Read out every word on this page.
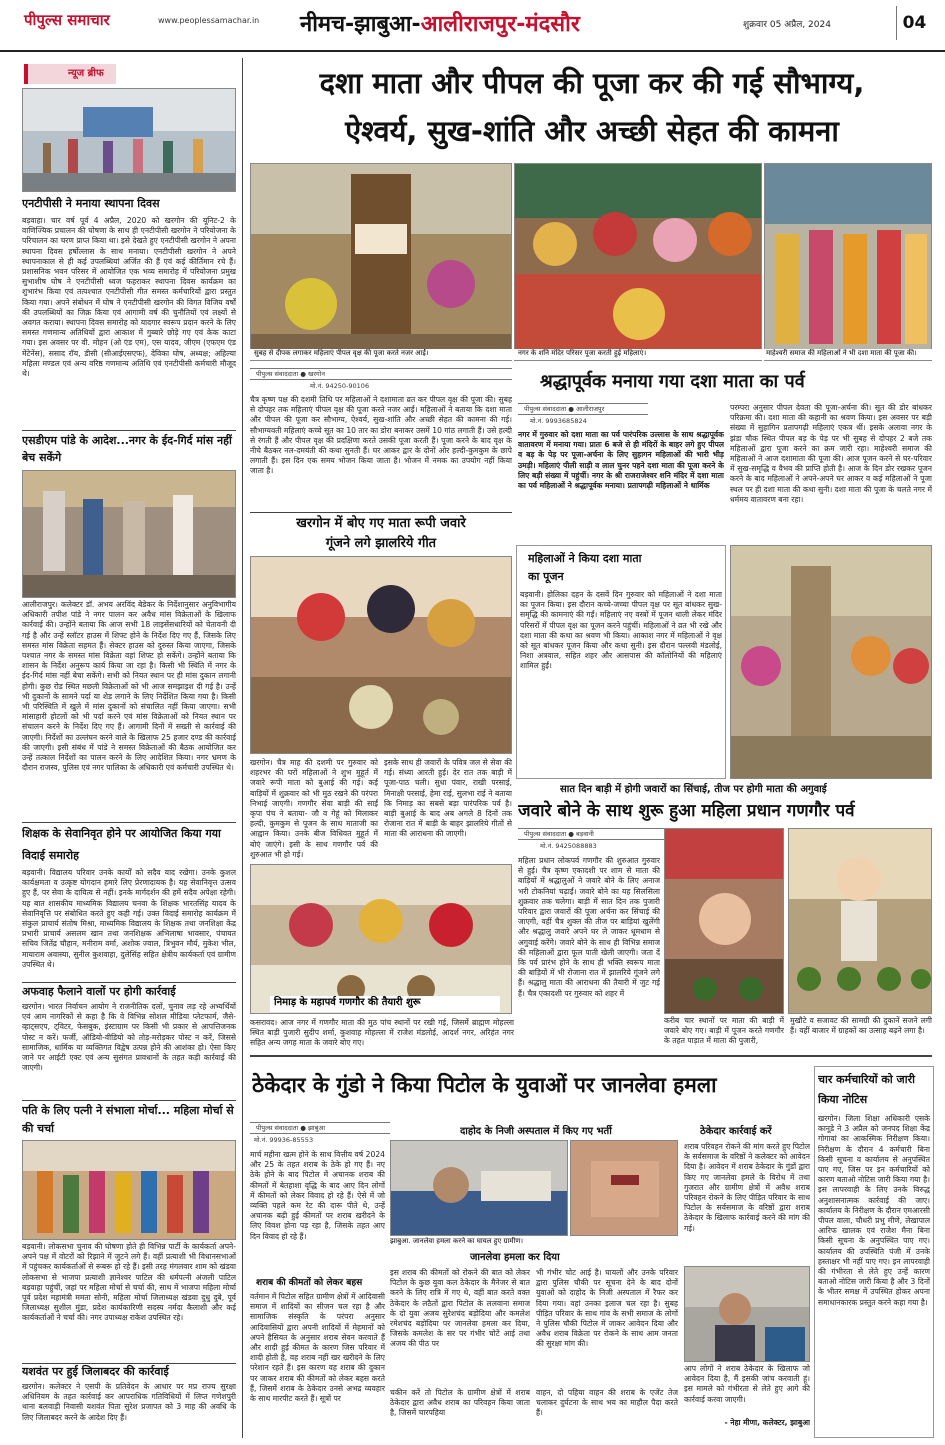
पीपुल्स समाचार	www.peoplessamachar.in नीमच-झाबुआ-आलीराजपुर-मंदसौर	शुक्रवार 05 अप्रैल, 2024	04
न्यूज ब्रीफ
एनटीपीसी ने मनाया स्थापना दिवस
बड़वाहा। चार वर्ष पूर्व 4 अप्रैल, 2020 को खरगोन की यूनिट-2 के वाणिज्यिक प्रचालन की घोषणा के साथ ही एनटीपीसी खरगोन ने परियोजना के परिचालन का चरण प्राप्त किया था। इसे देखते हुए एनटीपीसी खरगोन ने अपना स्थापना दिवस हर्षोल्लास के साथ मनाया। एनटीपीसी खरगोन ने अपने स्थापनाकाल से ही कई उपलब्धियां अर्जित की हैं एवं कई कीर्तिमान रचे हैं। प्रशासनिक भवन परिसर में आयोजित एक भव्य समारोह में परियोजना प्रमुख सुभाशीष घोष ने एनटीपीसी ध्वज फहराकर स्थापना दिवस कार्यक्रम का शुभारंभ किया एवं तत्पश्चात एनटीपीसी गीत समस्त कर्मचारियों द्वारा प्रस्तुत किया गया। अपने संबोधन में घोष ने एनटीपीसी खरगोन की विगत विजिय वर्षों की उपलब्धियों का जिक्र किया एवं आगामी वर्ष की चुनौतियों एवं लक्ष्यों से अवगत कराया। स्थापना दिवस समारोह को यादगार स्वरूप प्रदान करने के लिए समस्त गणमान्य अतिथियों द्वारा आकाश में गुब्बारे छोड़े गए एवं केक काटा गया। इस अवसर पर वी. मोहन (ओ एंड एम), एस यादव, जीएम (एफएम एंड मेंटेनेंस), ससाद रॉय, डीसी (सीआईएसएफ), देविका घोष, अध्यक्ष; अहिल्या महिला मण्डल एवं अन्य वरिष्ठ गणमान्य अतिथि एवं एनटीपीसी कर्मचारी मौजूद थे।
एसडीएम पांडे के आदेश...नगर के ईद-गिर्द मांस नहीं बेच सकेंगे
आलीराजपुर। कलेक्टर डॉ. अभय अरविंद बेडेकर के निर्देशानुसार अनुविभागीय अधिकारी तपीश पांडे ने नगर पालन कर अवैध मांस विक्रेताओं के खिलाफ कार्रवाई की। उन्होंने बताया कि आज सभी 18 लाइसेंसधारियों को चेतावनी दी गई है और उन्हें स्लॉटर हाउस में शिफ्ट होने के निर्देश दिए गए हैं, जिसके लिए समस्त मांस विक्रेता सहमत हैं। सेक्टर हाउस को दुरुस्त किया जाएगा, जिसके पश्चात नगर के समस्त मांस विक्रेता वहां शिफ्ट हो सकेंगे। उन्होंने बताया कि शासन के निर्देश अनुरूप कार्य किया जा रहा है। किसी भी स्थिति में नगर के ईद-गिर्द मांस नहीं बेचा सकेंगे। सभी को नियत स्थान पर ही मांस दुकान लगानी होगी। कुछ रोड स्थित मछली विक्रेताओं को भी आज समझाइश दी गई है। उन्हें भी दुकानों के सामने पर्दा या शेड लगाने के लिए निर्देशित किया गया है। किसी भी परिस्थिति में खुले में मांस दुकानों को संचालित नहीं किया जाएगा। सभी मांसाहारी होटलों को भी पर्दा करने एवं मांस विक्रेताओं को नियत स्थान पर संचालन करने के निर्देश दिए गए हैं। आगामी दिनों में सख्ती से कार्रवाई की जाएगी। निर्देशों का उल्लंघन करने वाले के खिलाफ 25 हजार दण्ड की कार्रवाई की जाएगी। इसी संबंध में पांडे ने समस्त विक्रेताओं की बैठक आयोजित कर उन्हें तत्काल निर्देशों का पालन करने के लिए आदेशित किया। नगर भ्रमण के दौरान राजस्व, पुलिस एवं नगर पालिका के अधिकारी एवं कर्मचारी उपस्थित थे।
शिक्षक के सेवानिवृत होने पर आयोजित किया गया विदाई समारोह
बड़वानी। विद्यालय परिवार उनके कार्यों को सदैव याद रखेगा। उनके कुशल कार्यक्षमता व उत्कृष्ट योगदान हमारे लिए प्रेरणादायक है। यह सेवानिवृत्त उत्सव हुए हैं, पर सेवा के दायित्व से नहीं। इनके मार्गदर्शन की हमें सदैव अपेक्षा रहेगी। यह बात शासकीय माध्यमिक विद्यालय चनवा के शिक्षक भारतसिंह यादव के सेवानिवृत्ति पर संबोधित करते हुए कही गई। उक्त विदाई समारोह कार्यक्रम में संकुल प्राचार्य संतोष मिश्रा, माध्यमिक विद्यालय के शिक्षक तथा जनशिक्षा केंद्र प्रभारी प्राचार्य असलम खान तथा जनशिक्षक अभिलाषा भावसार, पंचायत सचिव जितेंद्र चौहान, मनीराम वर्मा, अशोक ज्वाल, त्रिभुवन मौर्य, मुकेश भील, मायाराम अवास्या, सुनील कुशवाहा, दुलेसिंह सहित क्षेत्रीय कार्यकर्ता एवं ग्रामीण उपस्थित थे।
अफवाह फैलाने वालों पर होगी कार्रवाई
खरगोन। भारत निर्वाचन आयोग ने राजनीतिक दलों, चुनाव लड़ रहे अभ्यर्थियों एवं आम नागरिकों से कहा है कि वे विभिन्न सोशल मीडिया प्लेटफार्म, जैसे- व्हाट्सएप, ट्विटर, फेसबुक, इंस्टाग्राम पर किसी भी प्रकार से आपत्तिजनक पोस्ट न करें। फर्जी, ऑडियो-वीडियो को तोड़-मरोड़कर पोस्ट न करें, जिससे सामाजिक, धार्मिक या व्यक्तिगत विद्वेष उत्पन्न होने की आशंका हो। ऐसा किए जाने पर आईटी एक्ट एवं अन्य सुसंगत प्रावधानों के तहत कड़ी कार्रवाई की जाएगी।
पति के लिए पत्नी ने संभाला मोर्चा... महिला मोर्चा से की चर्चा
बड़वानी। लोकसभा चुनाव की घोषणा होते ही विभिन्न पार्टी के कार्यकर्ता अपने-अपने पक्ष में वोटरों को रिझाने में जुटने लगे हैं। वहीं प्रत्याशी भी विधानसभाओं में पहुंचकर कार्यकर्ताओं से रूबरू हो रहे हैं। इसी तरह मंगलवार शाम को खंडवा लोकसभा से भाजपा प्रत्याशी ज्ञानेश्वर पाटिल की धर्मपत्नी अंजली पाटिल बड़वाहा पहुंचीं, जहां पर महिला मोर्चा से चर्चा की, साथ में भाजपा महिला मोर्चा पूर्व प्रदेश महामंत्री ममता सोनी, महिला मोर्चा जिलाध्यक्ष खंडवा दुधु दुबे, पूर्व जिलाध्यक्ष सुशील मुंडा, प्रदेश कार्यकारिणी सदस्य नर्मदा कैलाशी और कई कार्यकर्ताओं ने चर्चा की। नगर उपाध्यक्ष राकेश उपस्थित रहे।
यशवंत पर हुई जिलाबदर की कार्रवाई
खरगोन। कलेक्टर ने एसपी के प्रतिवेदन के आधार पर मप्र राज्य सुरक्षा अधिनियम के तहत कार्रवाई कर आपराधिक गतिविधियों में लिप्त गणेशपुरी थाना बलवाड़ी निवासी यशवंत पिता सुरेश प्रजापत को 3 माह की अवधि के लिए जिलाबदर करने के आदेश दिए हैं।
दशा माता और पीपल की पूजा कर की गई सौभाग्य,
ऐश्वर्य, सुख-शांति और अच्छी सेहत की कामना
सुबह से दीपक लगाकर महिलाएं पीपल वृक्ष की पूजा करते नजर आईं।	नगर के शनि मंदिर परिसर पूजा करती हुई महिलाएं।	माहेश्वरी समाज की महिलाओं ने भी दशा माता की पूजा की।
पीपुल्स संवाददाता ● खरगोन
मो.नं. 94250-90106
चैत्र कृष्ण पक्ष की दशमी तिथि पर महिलाओं ने दशामाता व्रत कर पीपल वृक्ष की पूजा की। सुबह से दोपहर तक महिलाएं पीपल वृक्ष की पूजा करते नजर आईं। महिलाओं ने बताया कि दशा माता और पीपल की पूजा कर सौभाग्य, ऐश्वर्य, सुख-शांति और अच्छी सेहत की कामना की गई। सौभाग्यवती महिलाएं कच्चे सूत का 10 तार का डोरा बनाकर उसमें 10 गांठ लगाती हैं। उसे हल्दी से रंगती हैं और पीपल वृक्ष की प्रदक्षिणा करते उसकी पूजा करती हैं। पूजा करने के बाद वृक्ष के नीचे बैठकर नल-दमयंती की कथा सुनती हैं। घर आकर द्वार के दोनों ओर हल्दी-कुमकुम के छापे लगाती हैं। इस दिन एक समय भोजन किया जाता है। भोजन में नमक का उपयोग नहीं किया जाता है।
श्रद्धापूर्वक मनाया गया दशा माता का पर्व
पीपुल्स संवाददाता ● आलीराजपुर
मो.नं. 9993685824
नगर में गुरुवार को दशा माता का पर्व पारंपरिक उल्लास के साथ श्रद्धापूर्वक वातावरण में मनाया गया। प्रातः 6 बजे से ही मंदिरों के बाहर लगे हुए पीपल व बड़ के पेड़ पर पूजा-अर्चना के लिए सुहागन महिलाओं की भारी भीड़ उमड़ी। महिलाएं पीली साड़ी व लाल चुनर पहने दशा माता की पूजा करने के लिए बड़ी संख्या में पहुंचीं। नगर के श्री राजराजेश्वर शनि मंदिर में दशा माता का पर्व महिलाओं ने श्रद्धापूर्वक मनाया। प्रतापगढ़ी महिलाओं ने धार्मिक
परम्परा अनुसार पीपल देवता की पूजा-अर्चना की। सूत की डोर बांधकर परिक्रमा की। दशा माता की कहानी का श्रवण किया। इस अवसर पर बड़ी संख्या में सुहागिन प्रतापगढ़ी महिलाएं एकत्र थीं। इसके अलावा नगर के झंडा चौक स्थित पीपल बड़ के पेड़ पर भी सुबह से दोपहर 2 बजे तक महिलाओं द्वारा पूजा करने का क्रम जारी रहा। माहेश्वरी समाज की महिलाओं ने आज दशामाता की पूजा की। आज पूजन करने से घर-परिवार में सुख-समृद्धि व वैभव की प्राप्ति होती है। आज के दिन डोर रखकर पूजन करने के बाद महिलाओं ने अपने-अपने घर आकर व कई महिलाओं ने पूजा स्थल पर ही दशा माता की कथा सुनी। दशा माता की पूजा के चलते नगर में धर्ममय वातावरण बना रहा।
खरगोन में बोए गए माता रूपी जवारे
गूंजने लगे झालरिये गीत
खरगोन। चैत्र माह की दशमी पर गुरुवार को शहरभर की घरों महिलाओं ने शुभ मुहूर्त में जवारे रूपी माता को बुआई की गई। कई बाड़ियों में शुक्रवार को भी मुठ रखने की परंपरा निभाई जाएगी। गणगौर सेवा बाड़ी की साईं कृपा पंच ने बताया- जौ व गेहूं को मिलाकर हल्दी, कुमकुम से पूजन के साथ माताजी का आह्वान किया। उनके बीज विधिवत मुहूर्त में बोएं जाएंगे। इसी के साथ गणगौर पर्व की शुरुआत भी हो गई।
इसके साथ ही जवारों के पवित्र जल से सेवा की गई। संध्या आरती हुई। देर रात तक बाड़ी में पूजा-पाठ चली। सुधा पंवार, राखी परसाई, मिनाक्षी परसाई, हेमा राई, सुलभा राई ने बताया कि निमाड़ का सबसे बड़ा पारंपरिक पर्व है। बाड़ी बुआई के बाद अब अगले 8 दिनों तक रोजाना रात में बाड़ी के बाहर झालरिये गीतों से माता की आराधना की जाएगी।
निमाड़ के महापर्व गणगौर की तैयारी शुरू
महिलाओं ने किया दशा माता का पूजन
बड़वानी। होलिका दहन के दसवें दिन गुरुवार को महिलाओं ने दशा माता का पूजन किया। इस दौरान कच्चे-जच्चा पीपल वृक्ष पर सूत बांधकर सुख-समृद्धि की कामनाएं की गईं। महिलाएं नए वस्त्रों में पूजन थाली लेकर मंदिर परिसरों में पीपल वृक्ष का पूजन करने पहुंचीं। महिलाओं ने व्रत भी रखे और दशा माता की कथा का श्रवण भी किया। आकाश नगर में महिलाओं ने वृक्ष को सूत बांधकर पूजन किया और कथा सुनी। इस दौरान पल्लवी मंडलोई, निशा अत्रवाल, सहित शहर और आसपास की कॉलोनियों की महिलाएं शामिल हुईं।
सात दिन बाड़ी में होगी जवारों का सिंचाई, तीज पर होगी माता की अगुवाई
जवारे बोने के साथ शुरू हुआ महिला प्रधान गणगौर पर्व
पीपुल्स संवाददाता ● बड़वानी
मो.नं. 9425088883
महिला प्रधान लोकपर्व गणगौर की शुरुआत गुरुवार से हुई। चैत्र कृष्ण एकादशी पर शाम से माता की बाड़ियों में श्रद्धालुओं ने जवारे बोने के लिए अनाज भरी टोकनियां चढ़ाईं। जवारे बोने का यह सिलसिला शुक्रवार तक चलेगा। बाड़ी में सात दिन तक पुजारी परिवार द्वारा जवारों की पूजा अर्चना कर सिंचाई की जाएगी, वहीं चैत्र शुक्ल की तीज पर बाड़ियां खुलेंगी और श्रद्धालु जवारे अपने घर ले जाकर धूमधाम से अगुवाई करेंगे। जवारे बोने के साथ ही विभिन्न समाज की महिलाओं द्वारा फूल पाती खेली जाएगी। जता दें कि पर्व प्रारंभ होने के साथ ही भक्ति स्वरूप माता की बाड़ियों में भी रोजाना रात में झालरिये गूंजने लगे हैं। श्रद्धालु माता की आराधना की तैयारी में जुट गई हैं। चैत्र एकादशी पर गुरुवार को शहर में
करीब चार स्थानों पर माता की बाड़ी में जवारे बोए गए। बाड़ी में पूजन करते गणगौर के तहत पाड़ात में माता की पुजारी,
मुखौटे व सजावट की सामग्री की दुकानें सजने लगी हैं। वहीं बाजार में ग्राहकों का उत्साह बढ़ने लगा है।
कसरावद। आज नगर में गणगौर माता की मुठ पांच स्थानों पर रखी गई, जिसमें ब्राह्मण मोहल्ला स्थित बाड़ी पुजारी सुदीप शर्मा, कुशवाह मोहल्ला में राजेश मंडलोई, आदर्श नगर, अरिहंत नगर सहित अन्य जगह माता के जवारे बोए गए।
ठेकेदार के गुंडो ने किया पिटोल के युवाओं पर जानलेवा हमला
पीपुल्स संवाददाता ● झाबुआ
मो.नं. 99936-85553
मार्च महीना खत्म होने के साथ वित्तीय वर्ष 2024 और 25 के तहत शराब के ठेके हो गए हैं। नए ठेके होने के बाद पिटोल में अचानक शराब की कीमतों में बेतहाशा वृद्धि के बाद आए दिन लोगों में कीमतों को लेकर विवाद हो रहे हैं। ऐसे में जो व्यक्ति पहले कम रेट की दारू पीते थे, उन्हें अचानक बढ़ी हुई कीमतों पर शराब खरीदने के लिए विवश होना पड़ रहा है, जिसके तहत आए दिन विवाद हो रहे हैं।
शराब की कीमतों को लेकर बहस
वर्तमान में पिटोल सहित ग्रामीण क्षेत्रों में आदिवासी समाज में शादियों का सीजन चल रहा है और सामाजिक संस्कृति के परंपरा अनुसार आदिवासियों द्वारा अपनी शादियों में मेहमानों को अपने हैसियत के अनुसार शराब सेवन करवाते हैं और शादी हुई कीमत के कारण जिस परिवार में शादी होती है, वह शराब नहीं खर खरीदने के लिए परेशान रहते हैं। इस कारण वह शराब की दुकान पर जाकर शराब की कीमतों को लेकर बहस करते हैं, जिसमें शराब के ठेकेदार उनसे अभद्र व्यवहार के साथ मारपीट करते हैं। सूत्रों पर
दाहोद के निजी अस्पताल में किए गए भर्ती
झाबुआ. जानलेवा हमला करने का घायल हुए ग्रामीण।
जानलेवा हमला कर दिया
इस शराब की कीमतों को रोकने की बात को लेकर पिटोल के कुछ युवा कल ठेकेदार के मैनेजर से बात करने के लिए रात्रि में गए थे, वहीं बात करते वक्त ठेकेदार के लठैतों द्वारा पिटोल के ललवाना समाज के दो युवा अजय सुरेशचंद बड़ोदिया और कमलेश रमेशचंद बड़ोदिया पर जानलेवा हमला कर दिया, जिसके कमलेश के सर पर गंभीर चोटें आई तथा अजय की पीठ पर
भी गंभीर चोट आई है। घायलों और उनके परिवार द्वारा पुलिस चौकी पर सूचना देने के बाद दोनों युवाओं को दाहोद के निजी अस्पताल में रैफर कर दिया गया। वहां उनका इलाज चल रहा है। सुबह पीड़ित परिवार के साथ गांव के सभी समाज के लोगों ने पुलिस चौकी पिटोल में जाकर आवेदन दिया और अवैध शराब विक्रेता पर रोकने के साथ आम जनता की सुरक्षा मांग की।
चकीन करें तो पिटोल के ग्रामीण क्षेत्रों में शराब ठेकेदार द्वारा अवैध शराब का परिवहन किया जाता है, जिसमें चारपहिया
वाहन, दो पहिया वाहन की शराब के एजेंट तेज चलाकर दुर्घटना के साथ भय का माहौल पैदा करते हैं।
ठेकेदार कार्रवाई करें
शराब परिवहन रोकने की मांग करते हुए पिटोल के सर्वसमाज के वरिष्ठों ने कलेक्टर को आवेदन दिया है। आवेदन में शराब ठेकेदार के गुंडों द्वारा किए गए जानलेवा हमले के विरोध में तथा गुजरात और ग्रामीण क्षेत्रों में अवैध शराब परिवहन रोकने के लिए पीड़ित परिवार के साथ पिटोल के सर्वसमाज के वरिष्ठों द्वारा शराब ठेकेदार के खिलाफ कार्रवाई करने की मांग की गई।
आप लोगों ने शराब ठेकेदार के खिलाफ जो आवेदन दिया है, मैं इसकी जांच करवाती हूं। इस मामले को गंभीरता से लेते हुए आगे की कार्रवाई करवा जाएगी।
- नेहा मीणा, कलेक्टर, झाबुआ
चार कर्मचारियों को जारी किया नोटिस
खरगोन। जिला शिक्षा अधिकारी एसके कानूडे ने 3 अप्रैल को जनपद शिक्षा केंद्र गोगावां का आकस्मिक निरीक्षण किया। निरीक्षण के दौरान 4 कर्मचारी बिना किसी सूचना व कार्यालय से अनुपस्थित पाए गए, जिस पर इन कर्मचारियों को कारण बताओ नोटिस जारी किया गया है। इस लापरवाही के लिए उनके विरुद्ध अनुशासनात्मक कार्रवाई की जाए। कार्यालय के निरीक्षण के दौरान एमआरसी पीपल वाला, चौधरी प्रभु मीणे, लेखापाल आरिफ खालक एवं राजेश मैना बिना किसी सूचना के अनुपस्थित पाए गए। कार्यालय की उपस्थिति पंजी में उनके हस्ताक्षर भी नहीं पाए गए। इन लापरवाही की गंभीरता से लेते हुए उन्हें कारण बताओ नोटिस जारी किया है और 3 दिनों के भीतर समक्ष में उपस्थित होकर अपना समाधानकारक प्रस्तुत करने कहा गया है।
